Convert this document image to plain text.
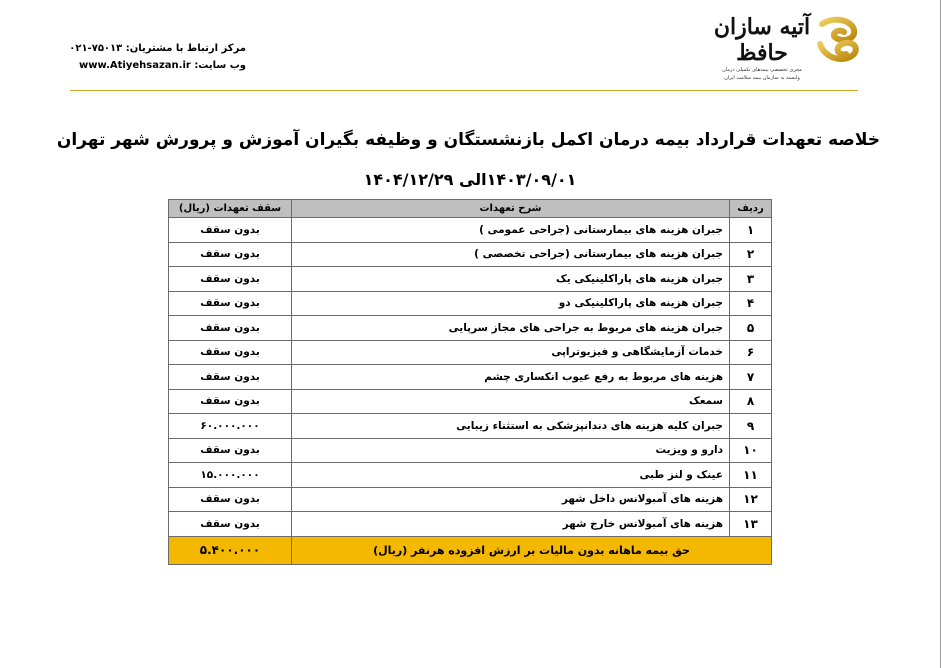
مرکز ارتباط با مشتریان: ۰۲۱-۷۵۰۱۳
وب سایت: www.Atiyehsazan.ir
آتیه سازان حافظ
مجری تخصصی بیمه‌های تکمیلی درمان
وابسته به سازمان بیمه سلامت ایران
خلاصه تعهدات قرارداد بیمه درمان اکمل بازنشستگان و وظیفه بگیران آموزش و پرورش شهر تهران
۱۴۰۳/۰۹/۰۱الی ۱۴۰۴/۱۲/۲۹
ردیف	شرح تعهدات	سقف تعهدات (ریال)
۱	جبران هزینه های بیمارستانی (جراحی عمومی )	بدون سقف
۲	جبران هزینه های بیمارستانی (جراحی تخصصی )	بدون سقف
۳	جبران هزینه های پاراکلینیکی یک	بدون سقف
۴	جبران هزینه های پاراکلینیکی دو	بدون سقف
۵	جبران هزینه های مربوط به جراحی های مجاز سرپایی	بدون سقف
۶	خدمات آزمایشگاهی و فیزیوتراپی	بدون سقف
۷	هزینه های مربوط به رفع عیوب انکساری چشم	بدون سقف
۸	سمعک	بدون سقف
۹	جبران کلیه هزینه های دندانپزشکی به استثناء زیبایی	۶۰.۰۰۰.۰۰۰
۱۰	دارو و ویزیت	بدون سقف
۱۱	عینک و لنز طبی	۱۵.۰۰۰.۰۰۰
۱۲	هزینه های آمبولانس داخل شهر	بدون سقف
۱۳	هزینه های آمبولانس خارج شهر	بدون سقف
حق بیمه ماهانه بدون مالیات بر ارزش افزوده هرنفر (ریال)		۵.۴۰۰.۰۰۰
